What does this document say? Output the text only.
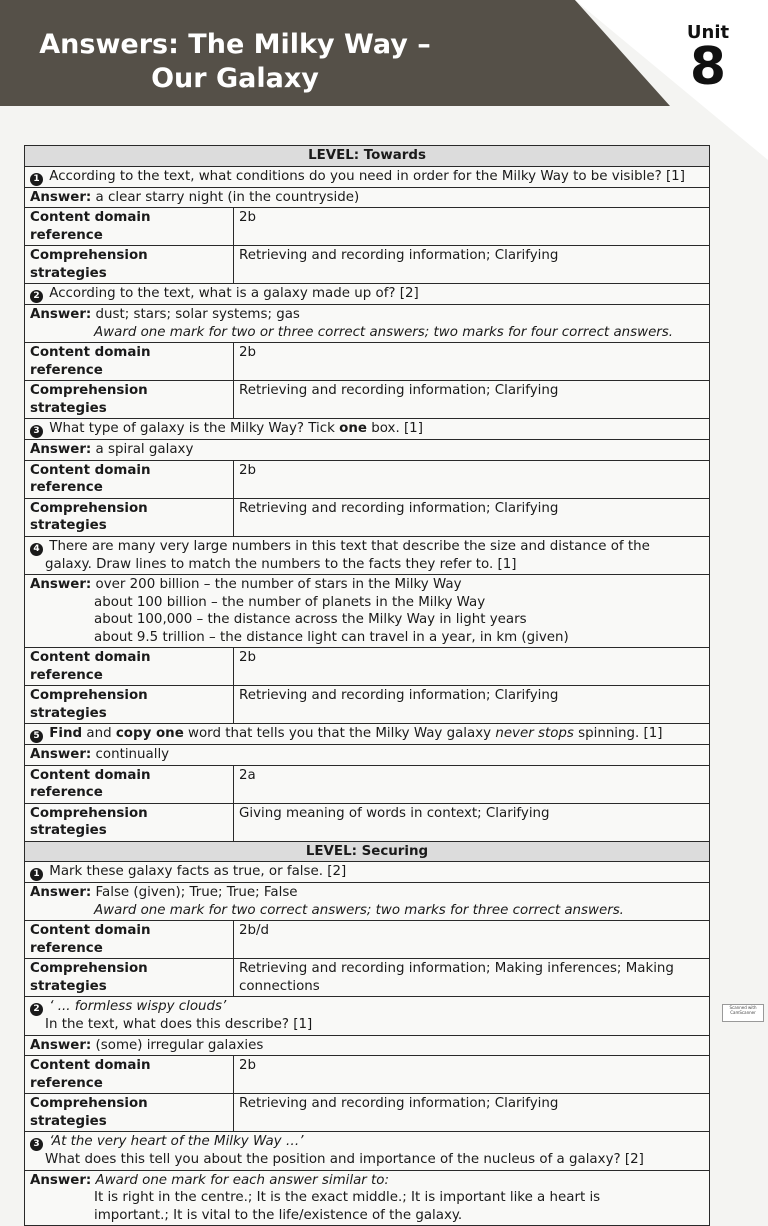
Answers: The Milky Way –
Our Galaxy
Unit
8
LEVEL: Towards	
1 According to the text, what conditions do you need in order for the Milky Way to be visible? [1]	
Answer: a clear starry night (in the countryside)	
Content domain reference	2b
Comprehension strategies	Retrieving and recording information; Clarifying
2 According to the text, what is a galaxy made up of? [2]	

Answer: dust; stars; solar systems; gas
Award one mark for two or three correct answers; two marks for four correct answers.	

Content domain reference	2b
Comprehension strategies	Retrieving and recording information; Clarifying
3 What type of galaxy is the Milky Way? Tick one box. [1]	
Answer: a spiral galaxy	
Content domain reference	2b
Comprehension strategies	Retrieving and recording information; Clarifying

4 There are many very large numbers in this text that describe the size and distance of the
galaxy. Draw lines to match the numbers to the facts they refer to. [1]	

Answer: over 200 billion – the number of stars in the Milky Way
about 100 billion – the number of planets in the Milky Way
about 100,000 – the distance across the Milky Way in light years
about 9.5 trillion – the distance light can travel in a year, in km (given)	

Content domain reference	2b
Comprehension strategies	Retrieving and recording information; Clarifying
5 Find and copy one word that tells you that the Milky Way galaxy never stops spinning. [1]	
Answer: continually	
Content domain reference	2a
Comprehension strategies	Giving meaning of words in context; Clarifying
LEVEL: Securing	
1 Mark these galaxy facts as true, or false. [2]	

Answer: False (given); True; True; False
Award one mark for two correct answers; two marks for three correct answers.	

Content domain reference	2b/d
Comprehension strategies	Retrieving and recording information; Making inferences; Making
connections

2 ‘ ... formless wispy clouds’
In the text, what does this describe? [1]	

Answer: (some) irregular galaxies	
Content domain reference	2b
Comprehension strategies	Retrieving and recording information; Clarifying

3 ‘At the very heart of the Milky Way …’
What does this tell you about the position and importance of the nucleus of a galaxy? [2]	

Answer: Award one mark for each answer similar to:
It is right in the centre.; It is the exact middle.; It is important like a heart is
important.; It is vital to the life/existence of the galaxy.	
Scanned with
CamScanner
